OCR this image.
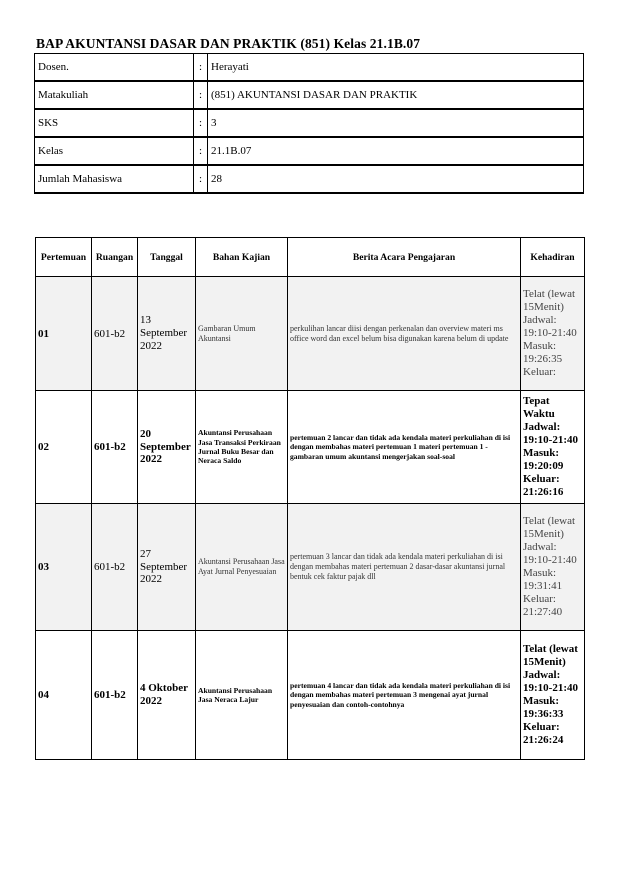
BAP AKUNTANSI DASAR DAN PRAKTIK (851) Kelas 21.1B.07
Dosen.	:	Herayati
Matakuliah	:	(851) AKUNTANSI DASAR DAN PRAKTIK
SKS	:	3
Kelas	:	21.1B.07
Jumlah Mahasiswa	:	28
Pertemuan	Ruangan	Tanggal	Bahan Kajian	Berita Acara Pengajaran	Kehadiran
01	601-b2	13 September 2022	Gambaran Umum Akuntansi	perkulihan lancar diisi dengan perkenalan dan overview materi ms office word dan excel belum bisa digunakan karena belum di update	Telat (lewat 15Menit)
Jadwal: 19:10-21:40
Masuk: 19:26:35
Keluar:

02	601-b2	20 September 2022	Akuntansi Perusahaan Jasa Transaksi Perkiraan Jurnal Buku Besar dan Neraca Saldo	pertemuan 2 lancar dan tidak ada kendala materi perkuliahan di isi dengan membahas materi pertemuan 1 materi pertemuan 1 - gambaran umum akuntansi mengerjakan soal-soal	Tepat Waktu
Jadwal: 19:10-21:40
Masuk: 19:20:09
Keluar: 21:26:16

03	601-b2	27 September 2022	Akuntansi Perusahaan Jasa Ayat Jurnal Penyesuaian	pertemuan 3 lancar dan tidak ada kendala materi perkuliahan di isi dengan membahas materi pertemuan 2 dasar-dasar akuntansi jurnal bentuk cek faktur pajak dll	Telat (lewat 15Menit)
Jadwal: 19:10-21:40
Masuk: 19:31:41
Keluar: 21:27:40

04	601-b2	4 Oktober 2022	Akuntansi Perusahaan Jasa Neraca Lajur	pertemuan 4 lancar dan tidak ada kendala materi perkuliahan di isi dengan membahas materi pertemuan 3 mengenai ayat jurnal penyesuaian dan contoh-contohnya	Telat (lewat 15Menit)
Jadwal: 19:10-21:40
Masuk: 19:36:33
Keluar: 21:26:24
